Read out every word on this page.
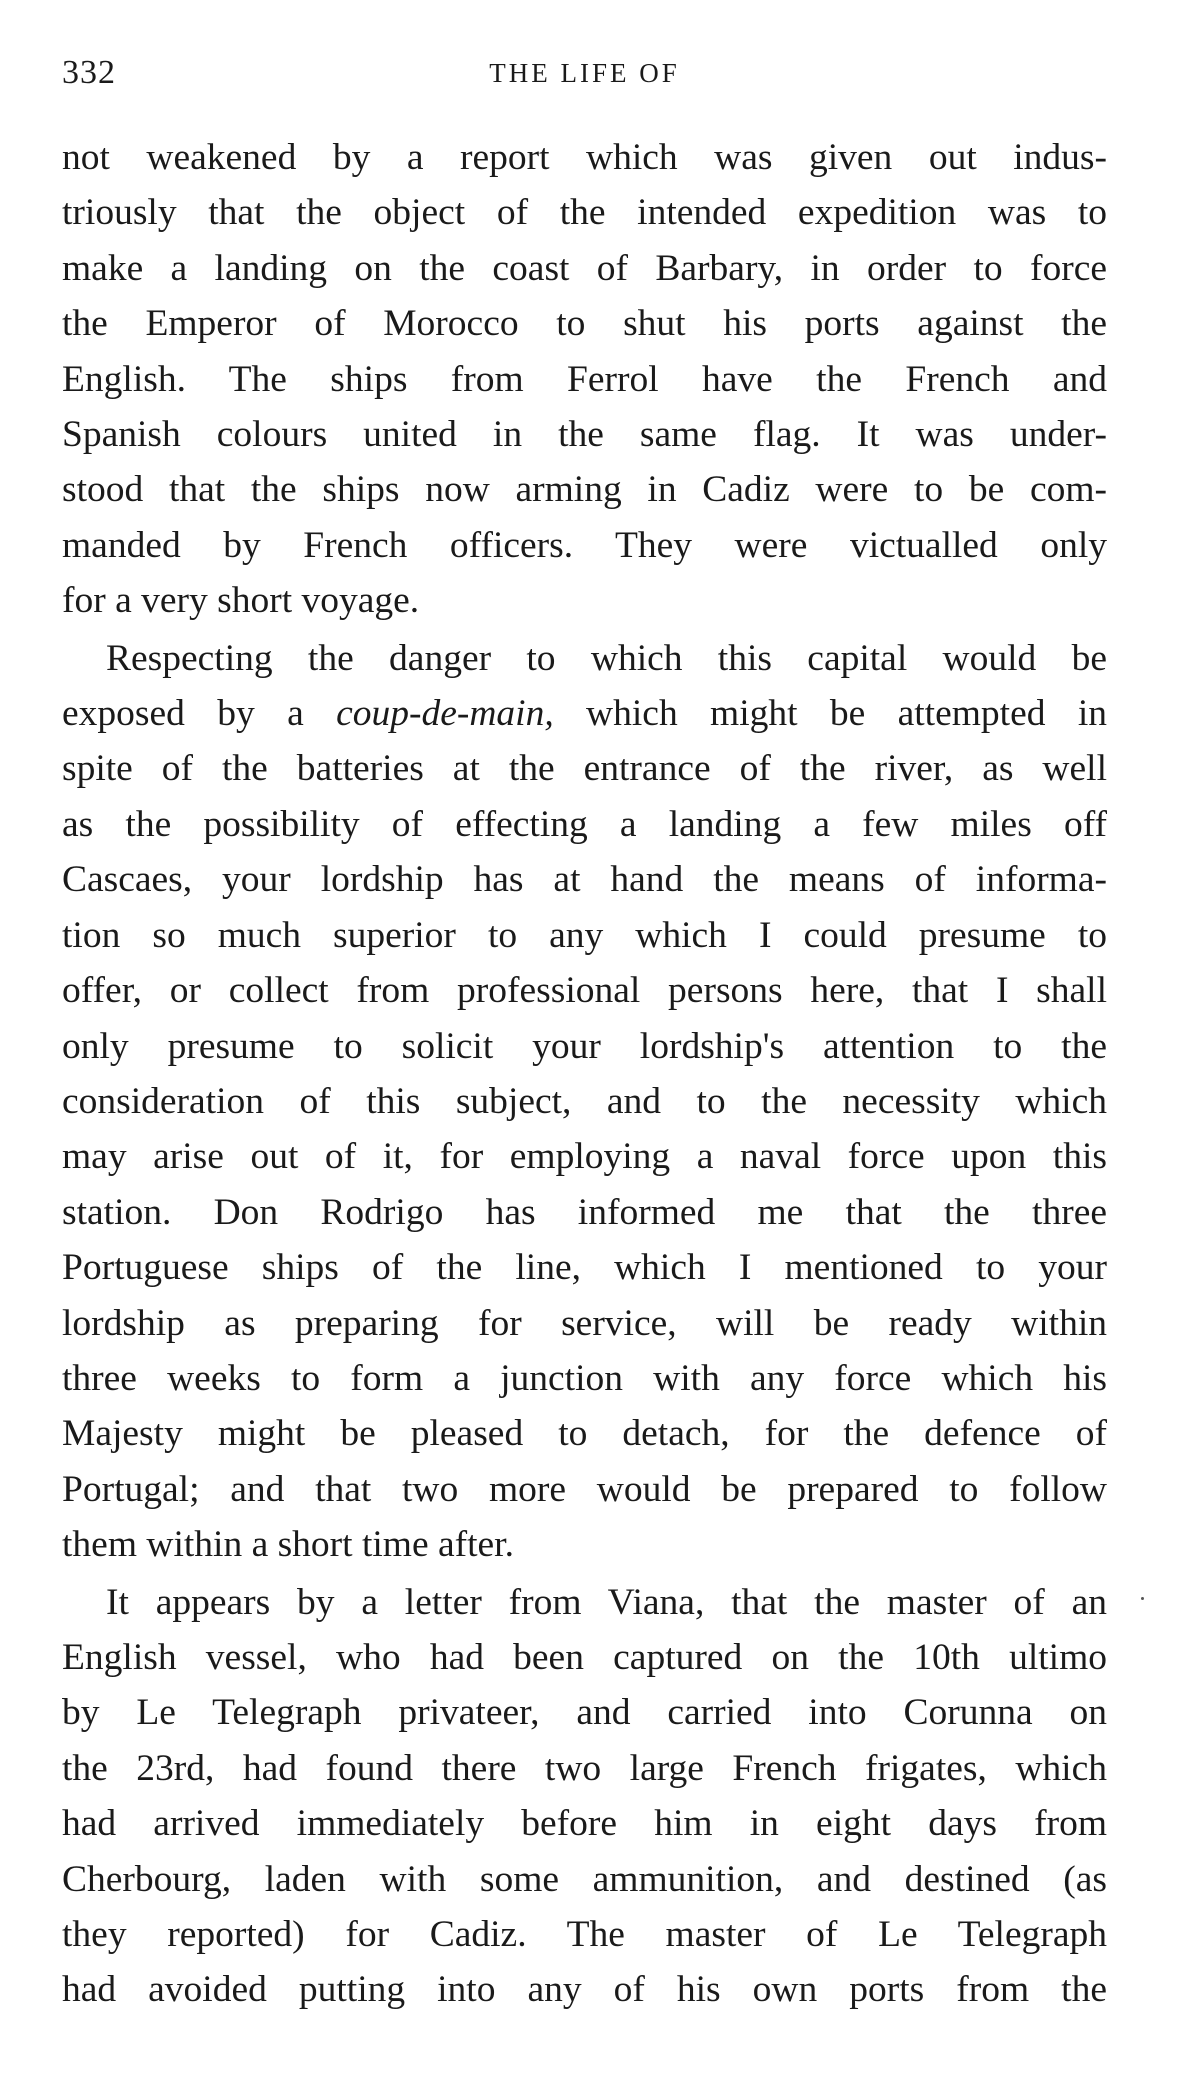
332	THE LIFE OF
not weakened by a report which was given out indus-
triously that the object of the intended expedition was to
make a landing on the coast of Barbary, in order to force
the Emperor of Morocco to shut his ports against the
English. The ships from Ferrol have the French and
Spanish colours united in the same flag. It was under-
stood that the ships now arming in Cadiz were to be com-
manded by French officers. They were victualled only
for a very short voyage.
Respecting the danger to which this capital would be
exposed by a coup-de-main, which might be attempted in
spite of the batteries at the entrance of the river, as well
as the possibility of effecting a landing a few miles off
Cascaes, your lordship has at hand the means of informa-
tion so much superior to any which I could presume to
offer, or collect from professional persons here, that I shall
only presume to solicit your lordship's attention to the
consideration of this subject, and to the necessity which
may arise out of it, for employing a naval force upon this
station. Don Rodrigo has informed me that the three
Portuguese ships of the line, which I mentioned to your
lordship as preparing for service, will be ready within
three weeks to form a junction with any force which his
Majesty might be pleased to detach, for the defence of
Portugal; and that two more would be prepared to follow
them within a short time after.
It appears by a letter from Viana, that the master of an
English vessel, who had been captured on the 10th ultimo
by Le Telegraph privateer, and carried into Corunna on
the 23rd, had found there two large French frigates, which
had arrived immediately before him in eight days from
Cherbourg, laden with some ammunition, and destined (as
they reported) for Cadiz. The master of Le Telegraph
had avoided putting into any of his own ports from the
